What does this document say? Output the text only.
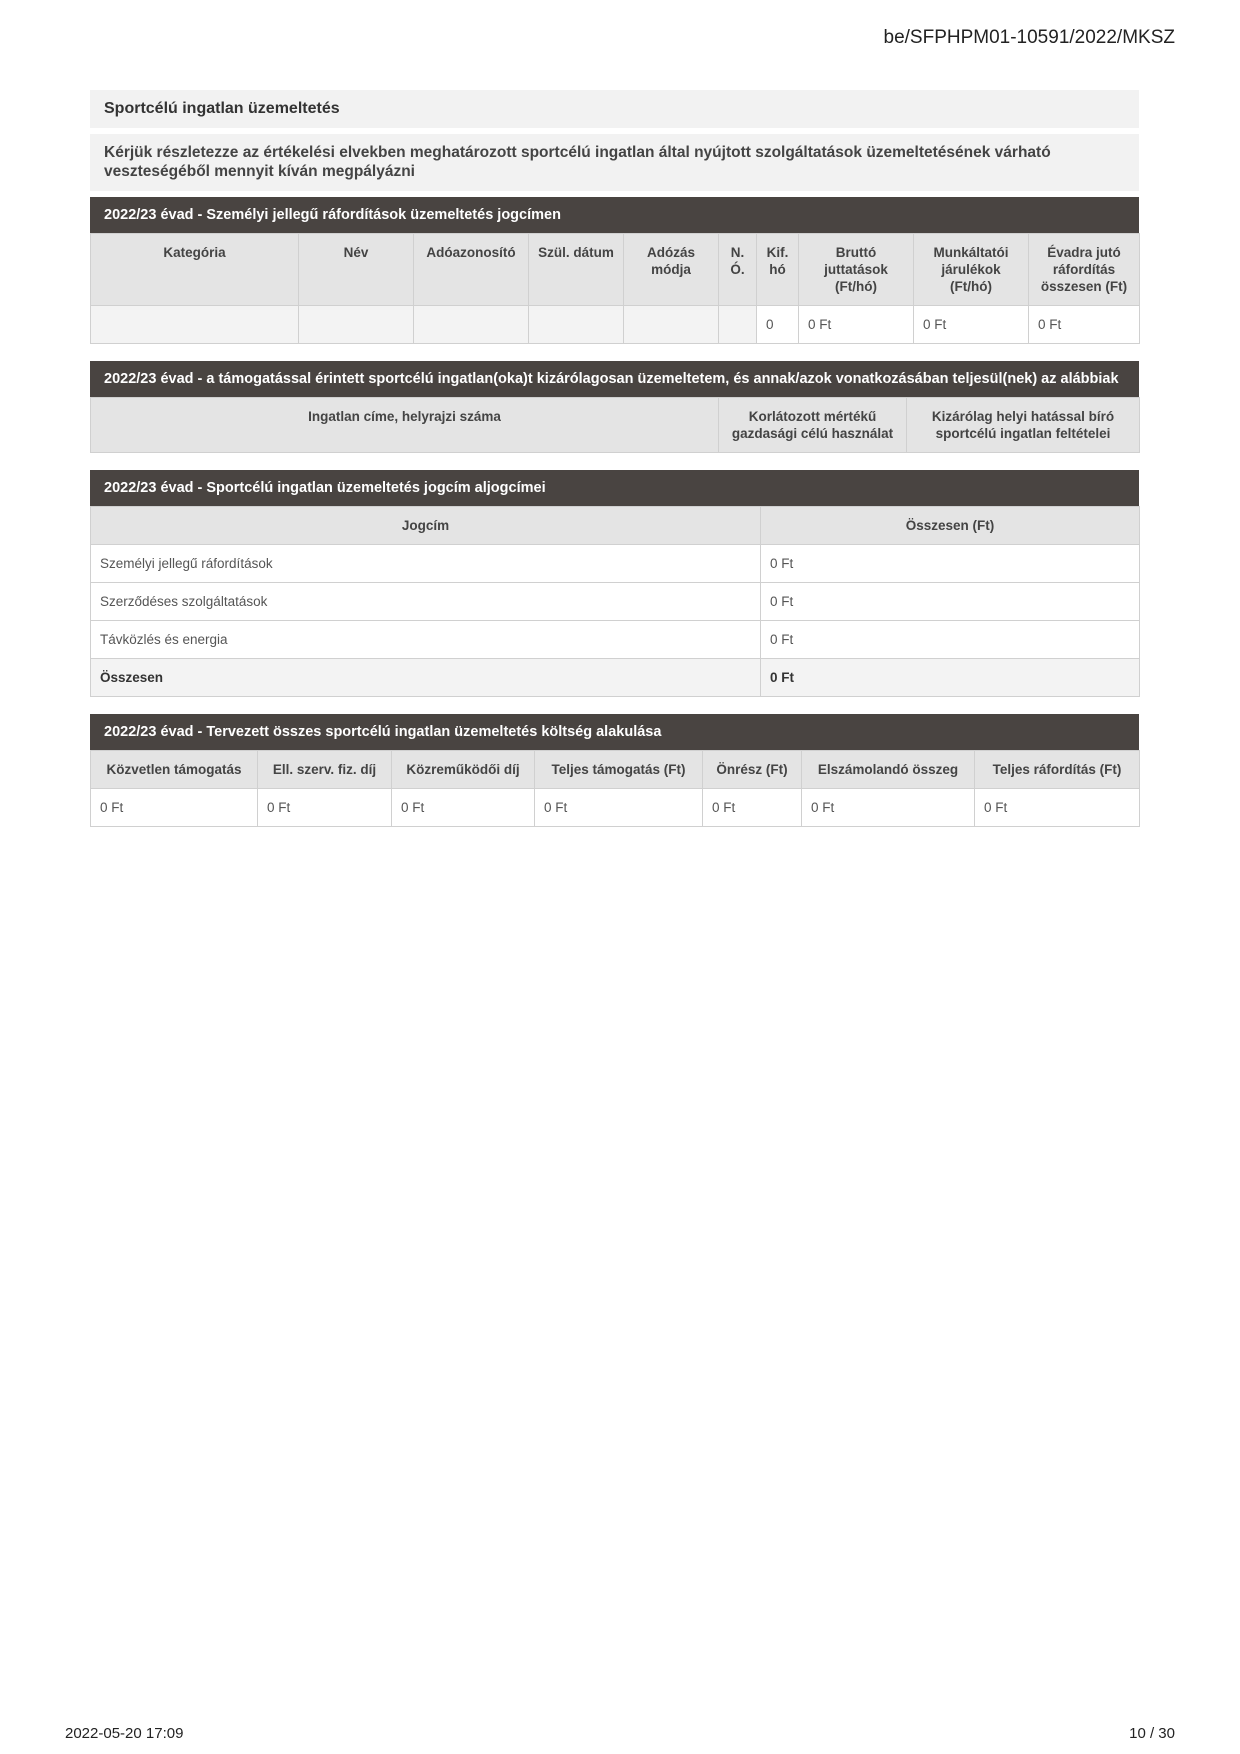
be/SFPHPM01-10591/2022/MKSZ
Sportcélú ingatlan üzemeltetés
Kérjük részletezze az értékelési elvekben meghatározott sportcélú ingatlan által nyújtott szolgáltatások üzemeltetésének várható veszteségéből mennyit kíván megpályázni
2022/23 évad - Személyi jellegű ráfordítások üzemeltetés jogcímen
Kategória	Név	Adóazonosító	Szül. dátum	Adózás módja	N. Ó.	Kif. hó	Bruttó juttatások (Ft/hó)	Munkáltatói járulékok (Ft/hó)	Évadra jutó ráfordítás összesen (Ft)
						0	0 Ft	0 Ft	0 Ft
2022/23 évad - a támogatással érintett sportcélú ingatlan(oka)t kizárólagosan üzemeltetem, és annak/azok vonatkozásában teljesül(nek) az alábbiak
Ingatlan címe, helyrajzi száma	Korlátozott mértékű gazdasági célú használat	Kizárólag helyi hatással bíró sportcélú ingatlan feltételei
2022/23 évad - Sportcélú ingatlan üzemeltetés jogcím aljogcímei
Jogcím	Összesen (Ft)
Személyi jellegű ráfordítások	0 Ft
Szerződéses szolgáltatások	0 Ft
Távközlés és energia	0 Ft
Összesen	0 Ft
2022/23 évad - Tervezett összes sportcélú ingatlan üzemeltetés költség alakulása
Közvetlen támogatás	Ell. szerv. fiz. díj	Közreműködői díj	Teljes támogatás (Ft)	Önrész (Ft)	Elszámolandó összeg	Teljes ráfordítás (Ft)
0 Ft	0 Ft	0 Ft	0 Ft	0 Ft	0 Ft	0 Ft
2022-05-20 17:09	10 / 30
